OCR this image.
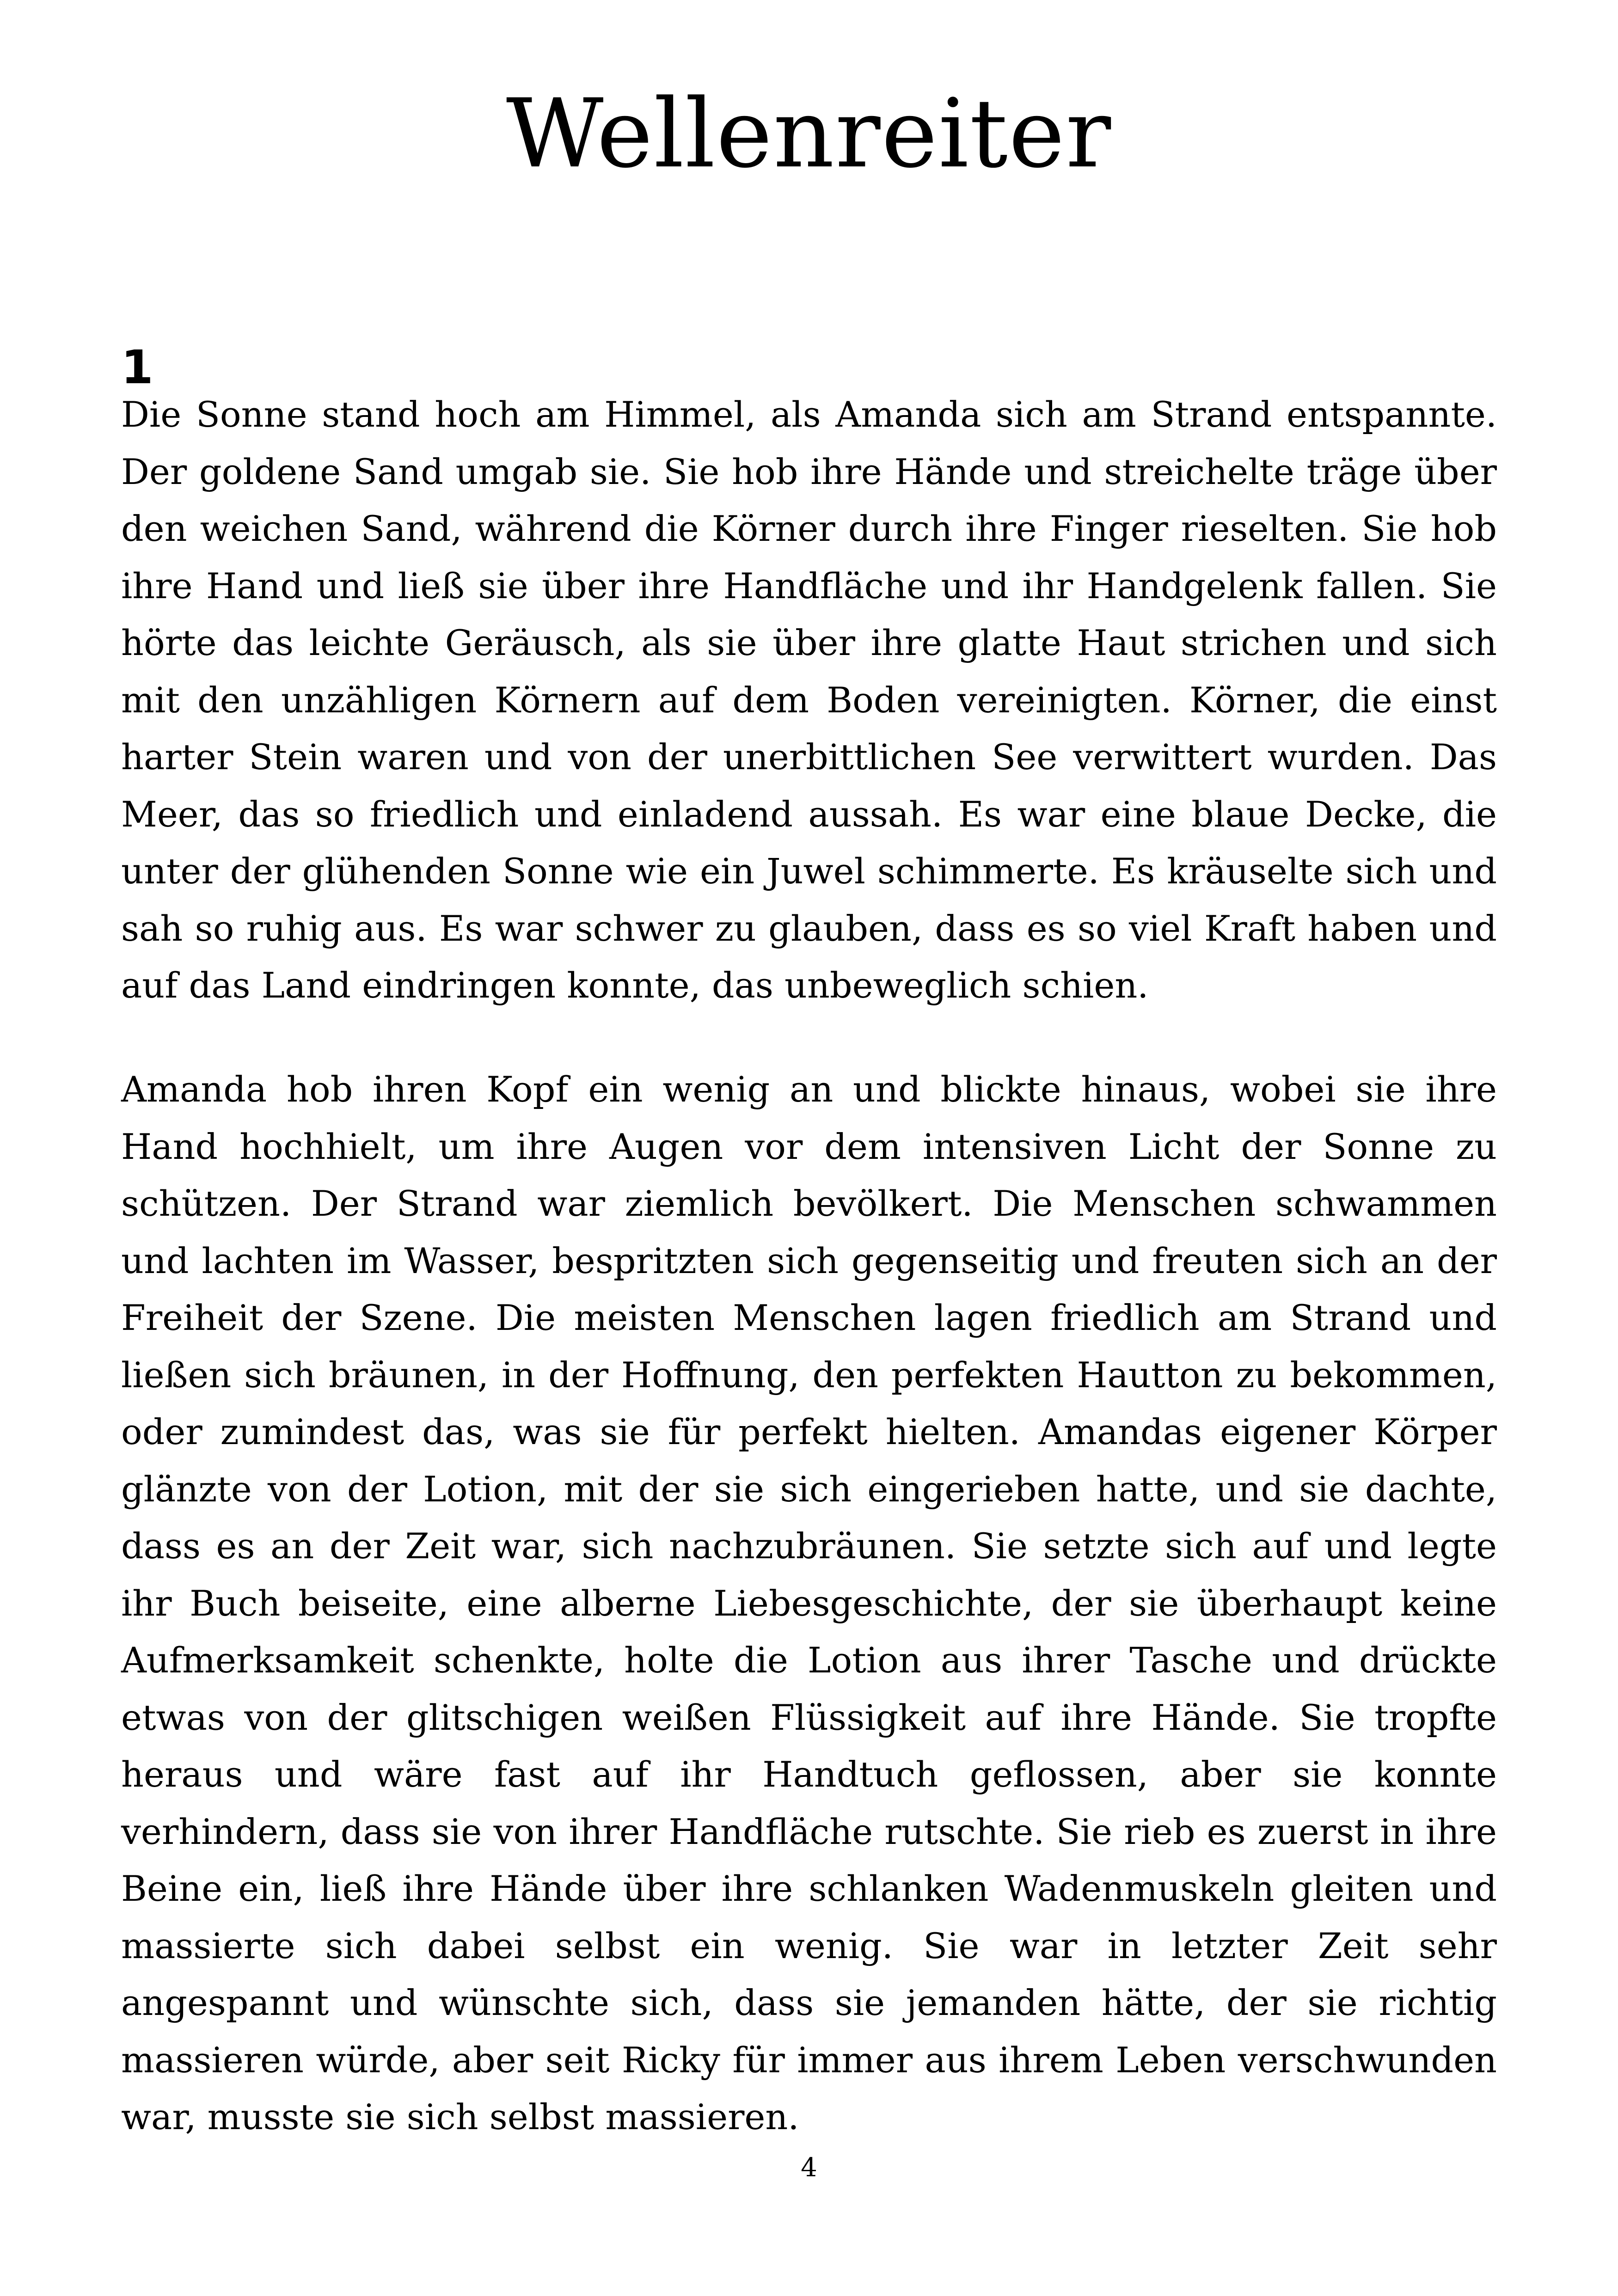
Wellenreiter
1

Die Sonne stand hoch am Himmel, als Amanda sich am Strand entspannte. Der goldene Sand umgab sie. Sie hob ihre Hände und streichelte träge über den weichen Sand, während die Körner durch ihre Finger rieselten. Sie hob ihre Hand und ließ sie über ihre Handfläche und ihr Handgelenk fallen. Sie hörte das leichte Geräusch, als sie über ihre glatte Haut strichen und sich mit den unzähligen Körnern auf dem Boden vereinigten. Körner, die einst harter Stein waren und von der unerbittlichen See verwittert wurden. Das Meer, das so friedlich und einladend aussah. Es war eine blaue Decke, die unter der glühenden Sonne wie ein Juwel schimmerte. Es kräuselte sich und sah so ruhig aus. Es war schwer zu glauben, dass es so viel Kraft haben und auf das Land eindringen konnte, das unbeweglich schien.

Amanda hob ihren Kopf ein wenig an und blickte hinaus, wobei sie ihre Hand hochhielt, um ihre Augen vor dem intensiven Licht der Sonne zu schützen. Der Strand war ziemlich bevölkert. Die Menschen schwammen und lachten im Wasser, bespritzten sich gegenseitig und freuten sich an der Freiheit der Szene. Die meisten Menschen lagen friedlich am Strand und ließen sich bräunen, in der Hoffnung, den perfekten Hautton zu bekommen, oder zumindest das, was sie für perfekt hielten. Amandas eigener Körper glänzte von der Lotion, mit der sie sich eingerieben hatte, und sie dachte, dass es an der Zeit war, sich nachzubräunen. Sie setzte sich auf und legte ihr Buch beiseite, eine alberne Liebesgeschichte, der sie überhaupt keine Aufmerksamkeit schenkte, holte die Lotion aus ihrer Tasche und drückte etwas von der glitschigen weißen Flüssigkeit auf ihre Hände. Sie tropfte heraus und wäre fast auf ihr Handtuch geflossen, aber sie konnte verhindern, dass sie von ihrer Handfläche rutschte. Sie rieb es zuerst in ihre Beine ein, ließ ihre Hände über ihre schlanken Wadenmuskeln gleiten und massierte sich dabei selbst ein wenig. Sie war in letzter Zeit sehr angespannt und wünschte sich, dass sie jemanden hätte, der sie richtig massieren würde, aber seit Ricky für immer aus ihrem Leben verschwunden war, musste sie sich selbst massieren.

4
